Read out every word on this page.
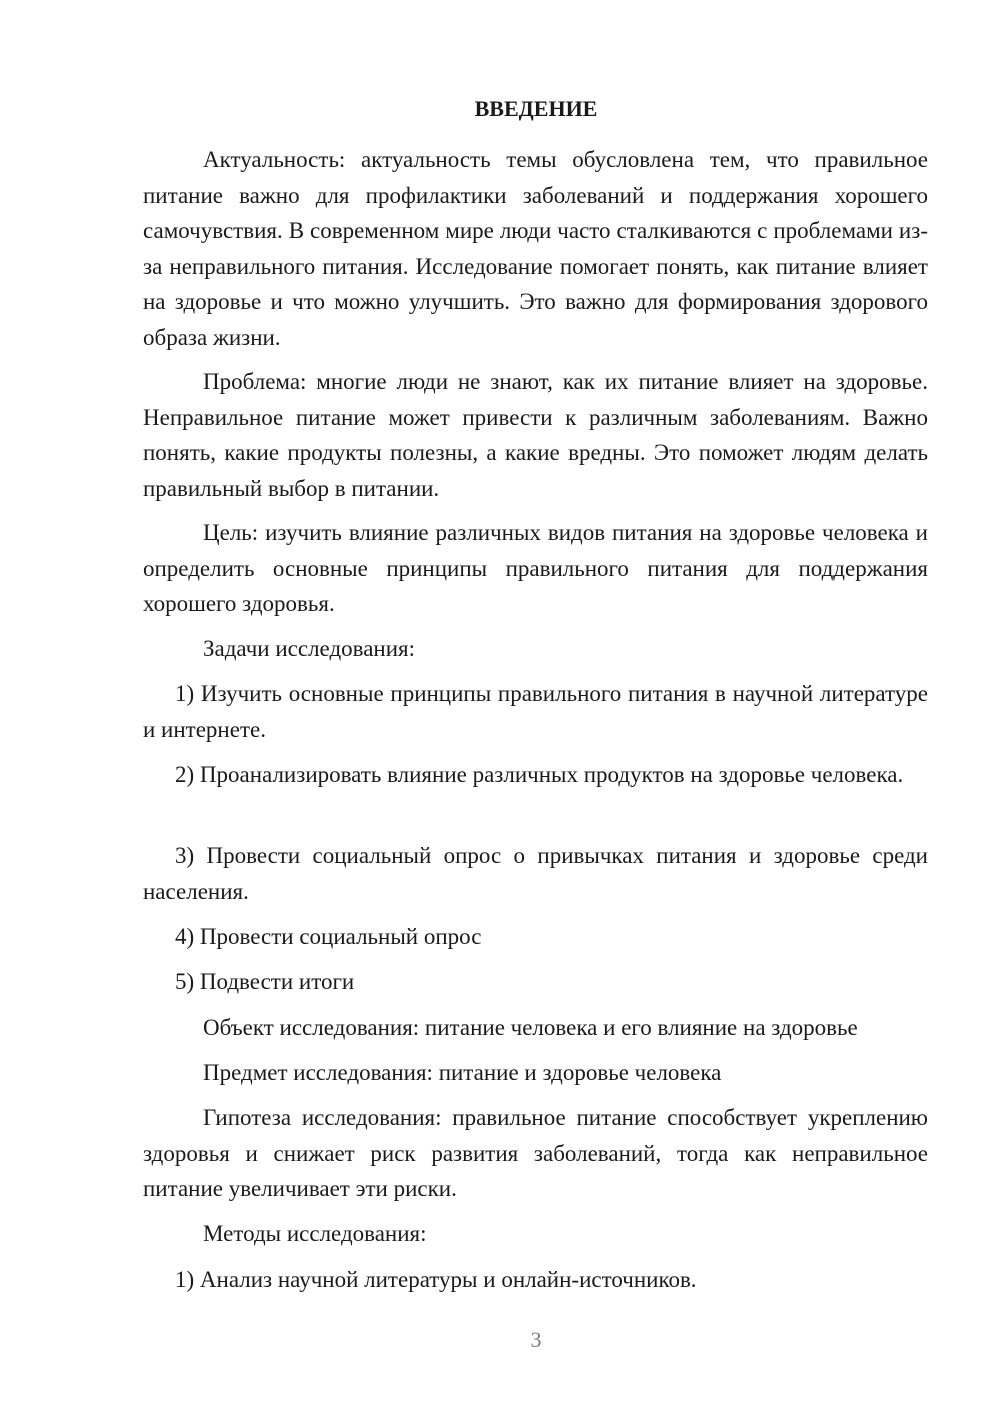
ВВЕДЕНИЕ
Актуальность: актуальность темы обусловлена тем, что правильное питание важно для профилактики заболеваний и поддержания хорошего самочувствия. В современном мире люди часто сталкиваются с проблемами из-за неправильного питания. Исследование помогает понять, как питание влияет на здоровье и что можно улучшить. Это важно для формирования здорового образа жизни.
Проблема: многие люди не знают, как их питание влияет на здоровье. Неправильное питание может привести к различным заболеваниям. Важно понять, какие продукты полезны, а какие вредны. Это поможет людям делать правильный выбор в питании.
Цель: изучить влияние различных видов питания на здоровье человека и определить основные принципы правильного питания для поддержания хорошего здоровья.
Задачи исследования:
1) Изучить основные принципы правильного питания в научной литературе и интернете.
2) Проанализировать влияние различных продуктов на здоровье человека.
3) Провести социальный опрос о привычках питания и здоровье среди населения.
4) Провести социальный опрос
5) Подвести итоги
Объект исследования: питание человека и его влияние на здоровье
Предмет исследования: питание и здоровье человека
Гипотеза исследования: правильное питание способствует укреплению здоровья и снижает риск развития заболеваний, тогда как неправильное питание увеличивает эти риски.
Методы исследования:
1) Анализ научной литературы и онлайн-источников.
3
